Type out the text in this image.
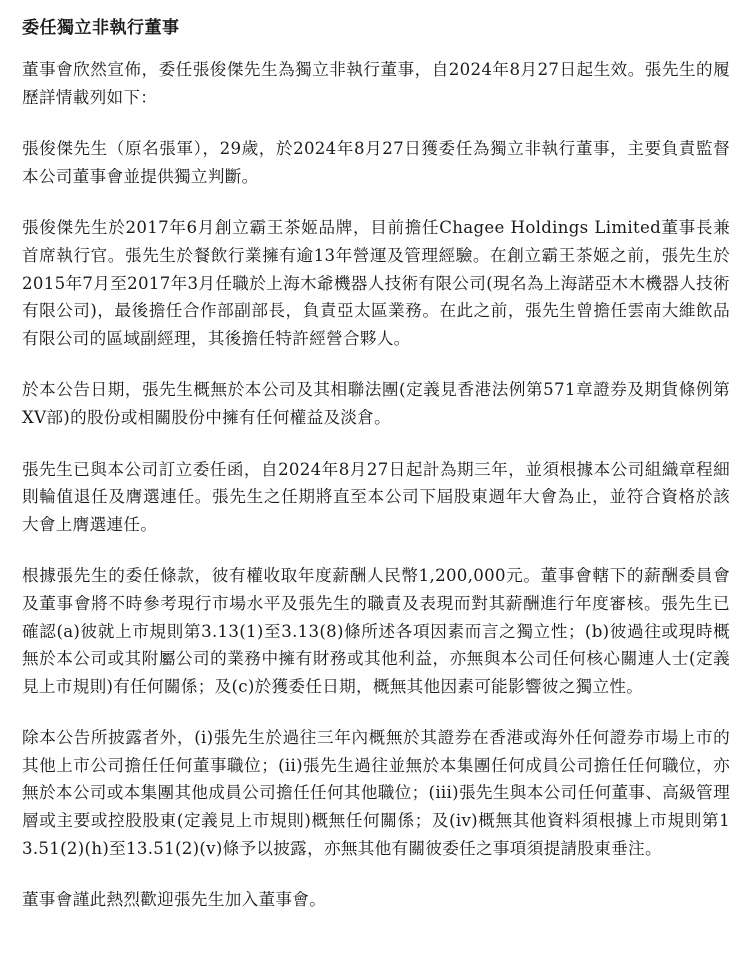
委任獨立非執行董事

董事會欣然宣佈，委任張俊傑先生為獨立非執行董事，自2024年8月27日起生效。張先生的履歷詳情載列如下：

張俊傑先生（原名張軍），29歲，於2024年8月27日獲委任為獨立非執行董事，主要負責監督本公司董事會並提供獨立判斷。

張俊傑先生於2017年6月創立霸王茶姬品牌，目前擔任Chagee Holdings Limited董事長兼首席執行官。張先生於餐飲行業擁有逾13年營運及管理經驗。在創立霸王茶姬之前，張先生於2015年7月至2017年3月任職於上海木爺機器人技術有限公司(現名為上海諾亞木木機器人技術有限公司)，最後擔任合作部副部長，負責亞太區業務。在此之前，張先生曾擔任雲南大維飲品有限公司的區域副經理，其後擔任特許經營合夥人。

於本公告日期，張先生概無於本公司及其相聯法團(定義見香港法例第571章證券及期貨條例第XV部)的股份或相關股份中擁有任何權益及淡倉。

張先生已與本公司訂立委任函，自2024年8月27日起計為期三年，並須根據本公司組織章程細則輪值退任及膺選連任。張先生之任期將直至本公司下屆股東週年大會為止，並符合資格於該大會上膺選連任。

根據張先生的委任條款，彼有權收取年度薪酬人民幣1,200,000元。董事會轄下的薪酬委員會及董事會將不時參考現行市場水平及張先生的職責及表現而對其薪酬進行年度審核。張先生已確認(a)彼就上市規則第3.13(1)至3.13(8)條所述各項因素而言之獨立性；(b)彼過往或現時概無於本公司或其附屬公司的業務中擁有財務或其他利益，亦無與本公司任何核心關連人士(定義見上市規則)有任何關係；及(c)於獲委任日期，概無其他因素可能影響彼之獨立性。

除本公告所披露者外，(i)張先生於過往三年內概無於其證券在香港或海外任何證券市場上市的其他上市公司擔任任何董事職位；(ii)張先生過往並無於本集團任何成員公司擔任任何職位，亦無於本公司或本集團其他成員公司擔任任何其他職位；(iii)張先生與本公司任何董事、高級管理層或主要或控股股東(定義見上市規則)概無任何關係；及(iv)概無其他資料須根據上市規則第13.51(2)(h)至13.51(2)(v)條予以披露，亦無其他有關彼委任之事項須提請股東垂注。

董事會謹此熱烈歡迎張先生加入董事會。
